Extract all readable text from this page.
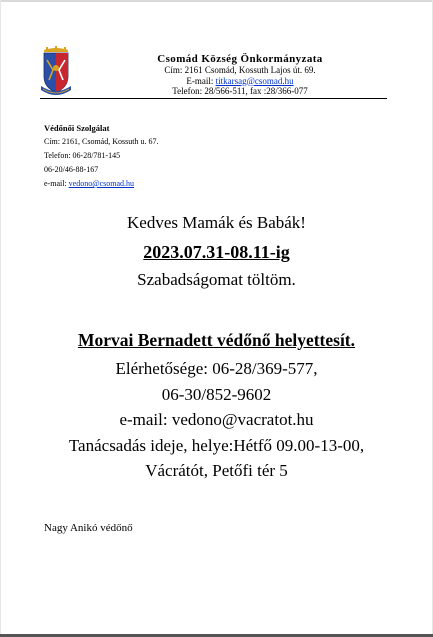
Csomád Község Önkormányzata
Cím: 2161 Csomád, Kossuth Lajos út. 69.
E-mail: titkarsag@csomad.hu
Telefon: 28/566-511, fax :28/366-077
Védőnői Szolgálat
Cím: 2161, Csomád, Kossuth u. 67.
Telefon: 06-28/781-145
06-20/46-88-167
e-mail: vedono@csomad.hu
Kedves Mamák és Babák!
2023.07.31-08.11-ig
Szabadságomat töltöm.
Morvai Bernadett védőnő helyettesít.
Elérhetősége: 06-28/369-577,
06-30/852-9602
e-mail: vedono@vacratot.hu
Tanácsadás ideje, helye:Hétfő 09.00-13-00,
Vácrátót, Petőfi tér 5
Nagy Anikó védőnő
